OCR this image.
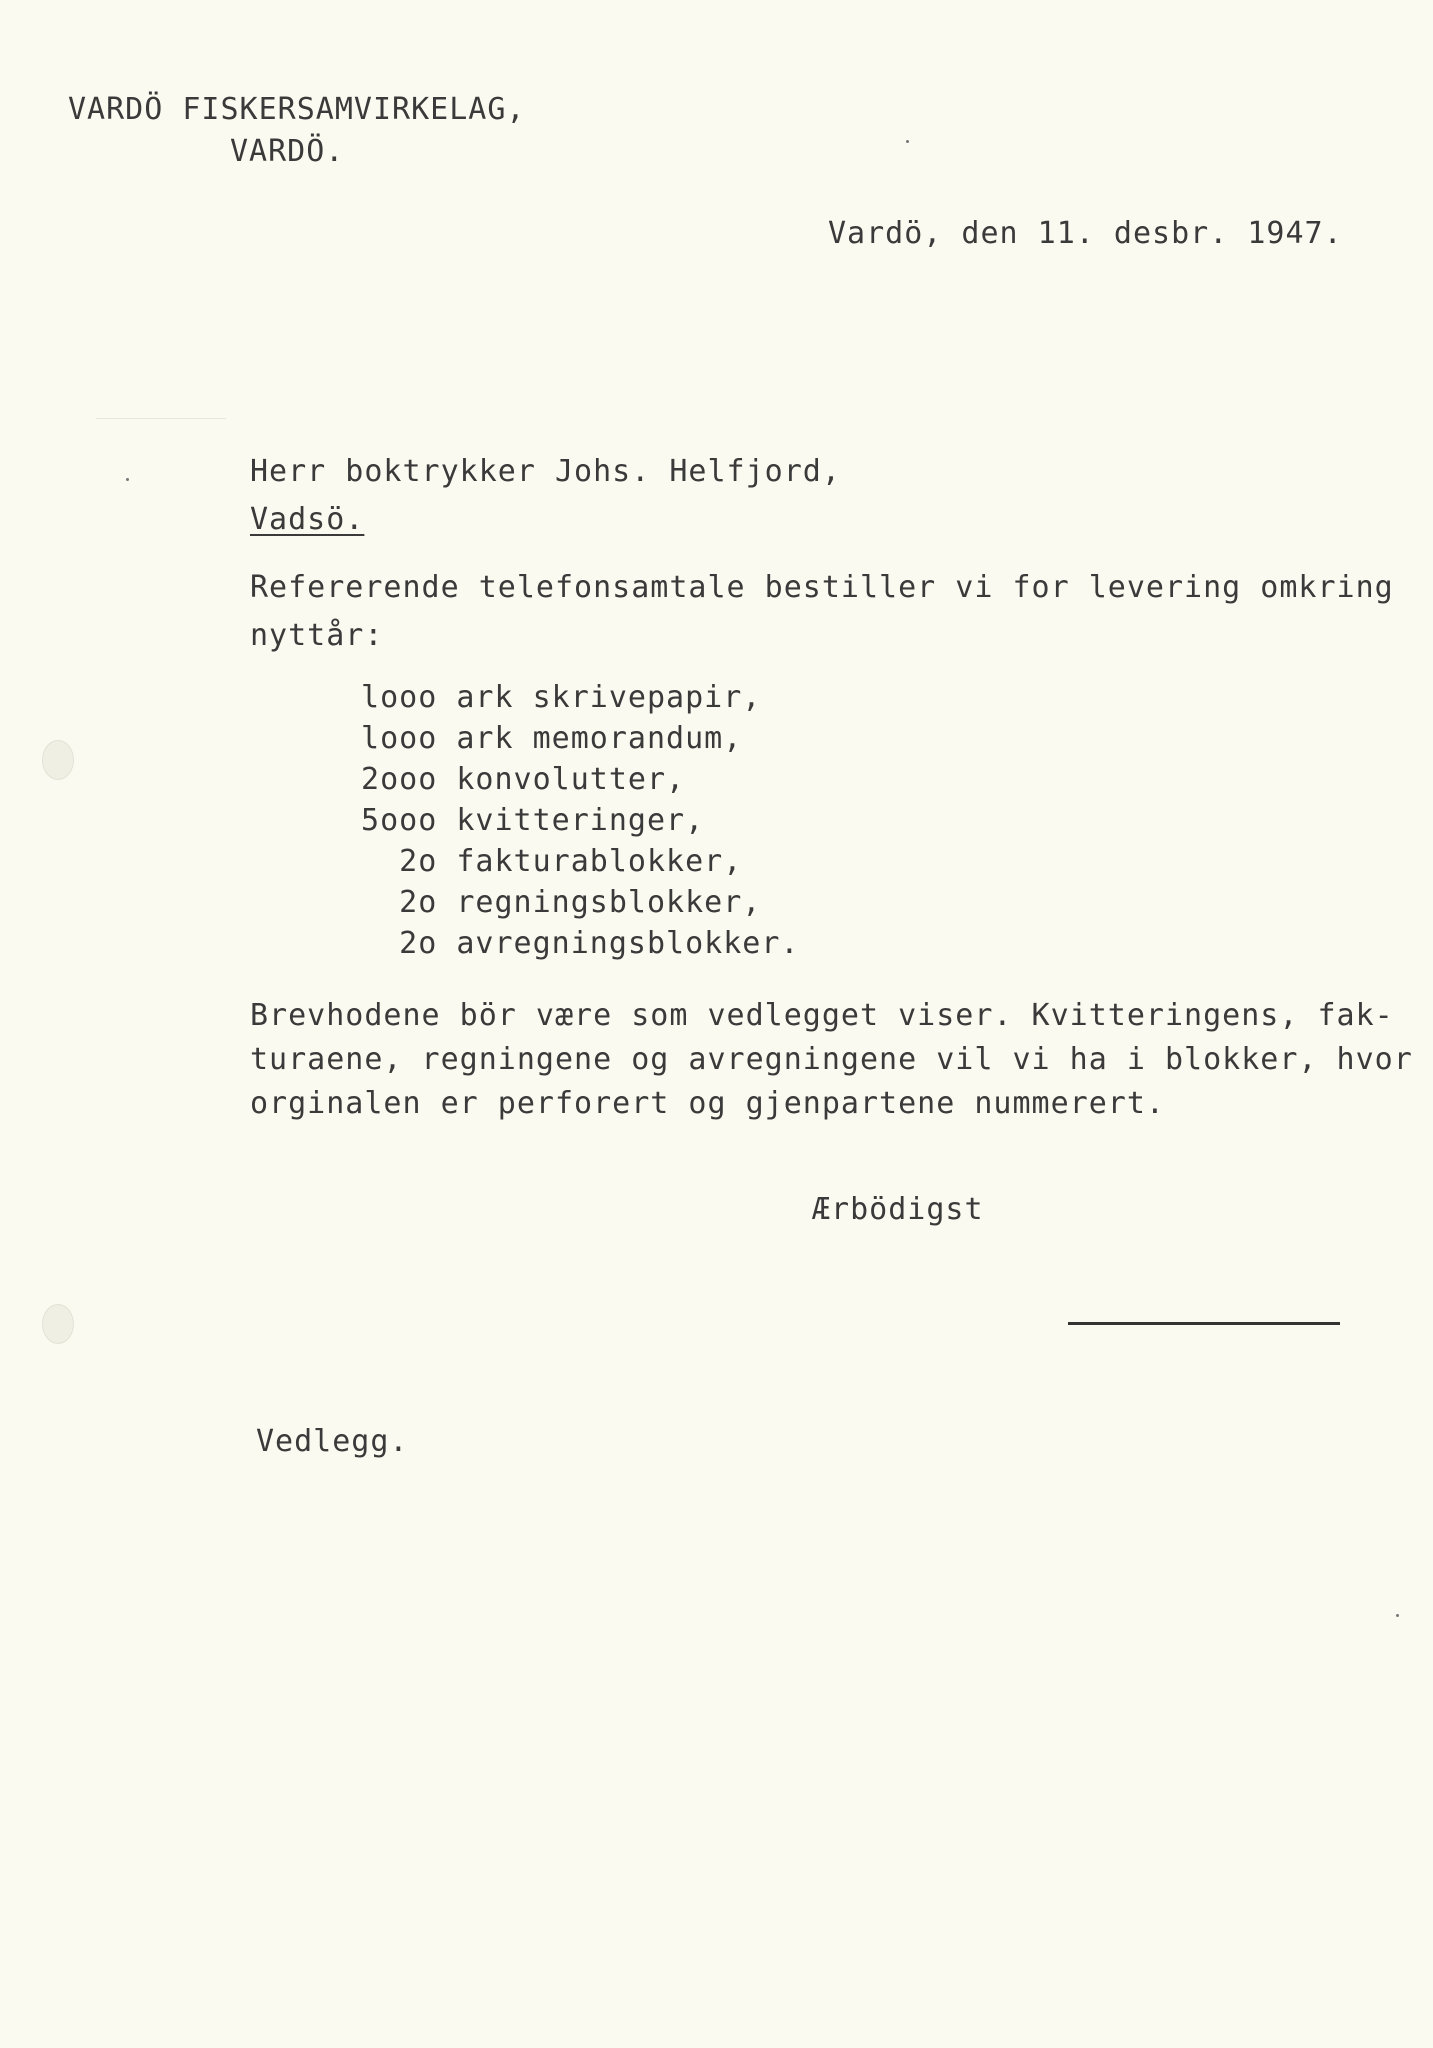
VARDÖ FISKERSAMVIRKELAG,
VARDÖ.
Vardö, den 11. desbr. 1947.
Herr boktrykker Johs. Helfjord,
Vadsö.
Refererende telefonsamtale bestiller vi for levering omkring
nyttår:
looo ark skrivepapir,
looo ark memorandum,
2ooo konvolutter,
5ooo kvitteringer,
2o fakturablokker,
2o regningsblokker,
2o avregningsblokker.
Brevhodene bör være som vedlegget viser. Kvitteringens, fak-
turaene, regningene og avregningene vil vi ha i blokker, hvor
orginalen er perforert og gjenpartene nummerert.
Ærbödigst
Vedlegg.
